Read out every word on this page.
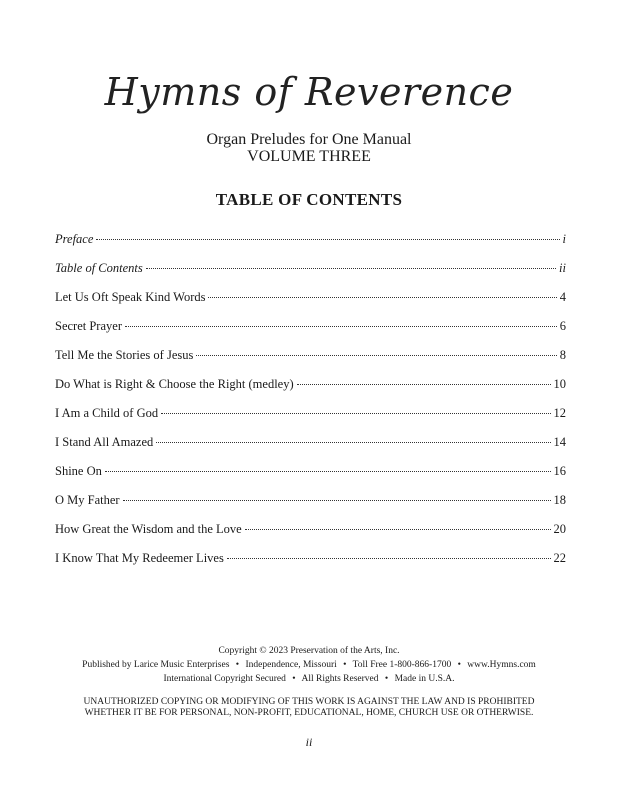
Hymns of Reverence
Organ Preludes for One Manual
VOLUME THREE
TABLE OF CONTENTS
Preface	i
Table of Contents	ii
Let Us Oft Speak Kind Words	4
Secret Prayer	6
Tell Me the Stories of Jesus	8
Do What is Right & Choose the Right (medley)	10
I Am a Child of God	12
I Stand All Amazed	14
Shine On	16
O My Father	18
How Great the Wisdom and the Love	20
I Know That My Redeemer Lives	22
Copyright © 2023 Preservation of the Arts, Inc.
Published by Larice Music Enterprises • Independence, Missouri • Toll Free 1-800-866-1700 • www.Hymns.com
International Copyright Secured • All Rights Reserved • Made in U.S.A.
UNAUTHORIZED COPYING OR MODIFYING OF THIS WORK IS AGAINST THE LAW AND IS PROHIBITED
WHETHER IT BE FOR PERSONAL, NON-PROFIT, EDUCATIONAL, HOME, CHURCH USE OR OTHERWISE.
ii
